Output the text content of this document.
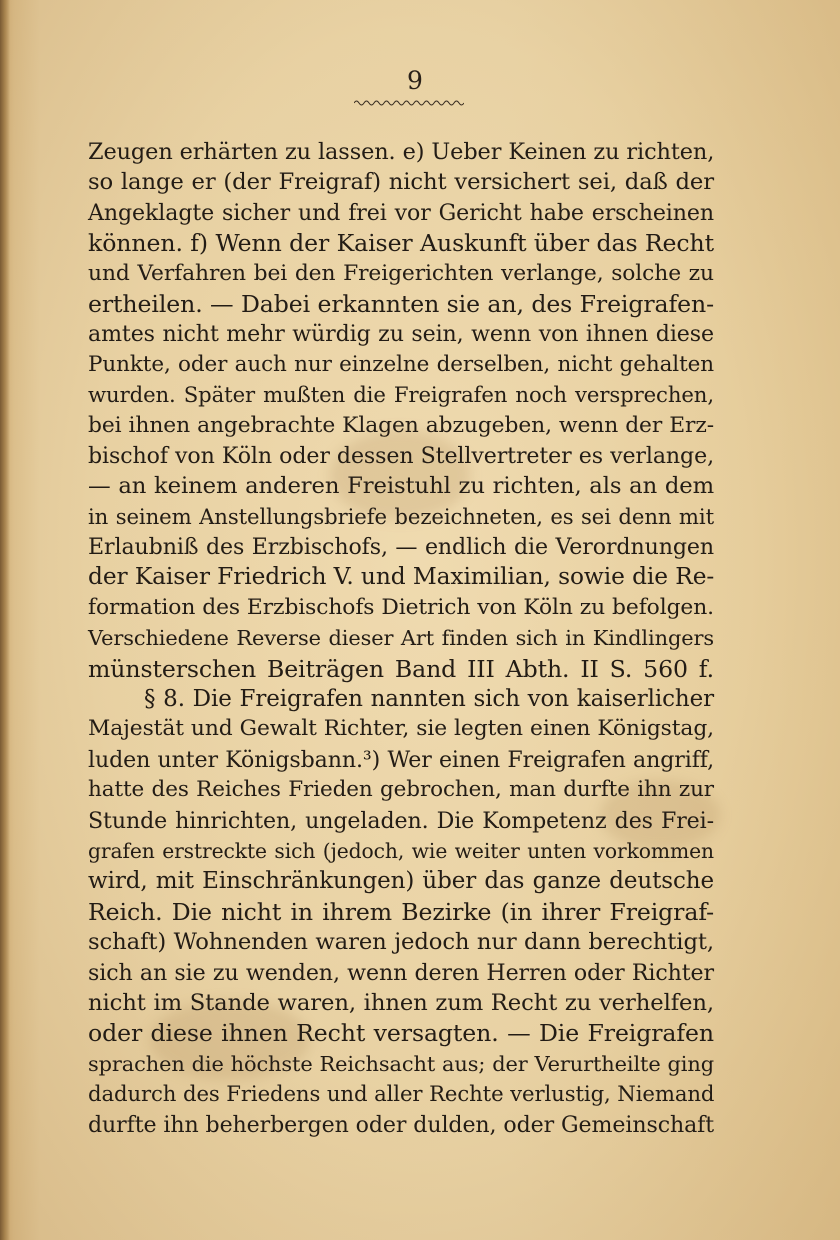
9
Zeugen erhärten zu lassen. e) Ueber Keinen zu richten,
so lange er (der Freigraf) nicht versichert sei, daß der
Angeklagte sicher und frei vor Gericht habe erscheinen
können. f) Wenn der Kaiser Auskunft über das Recht
und Verfahren bei den Freigerichten verlange, solche zu
ertheilen. — Dabei erkannten sie an, des Freigrafen-
amtes nicht mehr würdig zu sein, wenn von ihnen diese
Punkte, oder auch nur einzelne derselben, nicht gehalten
wurden. Später mußten die Freigrafen noch versprechen,
bei ihnen angebrachte Klagen abzugeben, wenn der Erz-
bischof von Köln oder dessen Stellvertreter es verlange,
— an keinem anderen Freistuhl zu richten, als an dem
in seinem Anstellungsbriefe bezeichneten, es sei denn mit
Erlaubniß des Erzbischofs, — endlich die Verordnungen
der Kaiser Friedrich V. und Maximilian, sowie die Re-
formation des Erzbischofs Dietrich von Köln zu befolgen.
Verschiedene Reverse dieser Art finden sich in Kindlingers
münsterschen Beiträgen Band III Abth. II S. 560 f.
§ 8. Die Freigrafen nannten sich von kaiserlicher
Majestät und Gewalt Richter, sie legten einen Königstag,
luden unter Königsbann.³) Wer einen Freigrafen angriff,
hatte des Reiches Frieden gebrochen, man durfte ihn zur
Stunde hinrichten, ungeladen. Die Kompetenz des Frei-
grafen erstreckte sich (jedoch, wie weiter unten vorkommen
wird, mit Einschränkungen) über das ganze deutsche
Reich. Die nicht in ihrem Bezirke (in ihrer Freigraf-
schaft) Wohnenden waren jedoch nur dann berechtigt,
sich an sie zu wenden, wenn deren Herren oder Richter
nicht im Stande waren, ihnen zum Recht zu verhelfen,
oder diese ihnen Recht versagten. — Die Freigrafen
sprachen die höchste Reichsacht aus; der Verurtheilte ging
dadurch des Friedens und aller Rechte verlustig, Niemand
durfte ihn beherbergen oder dulden, oder Gemeinschaft
